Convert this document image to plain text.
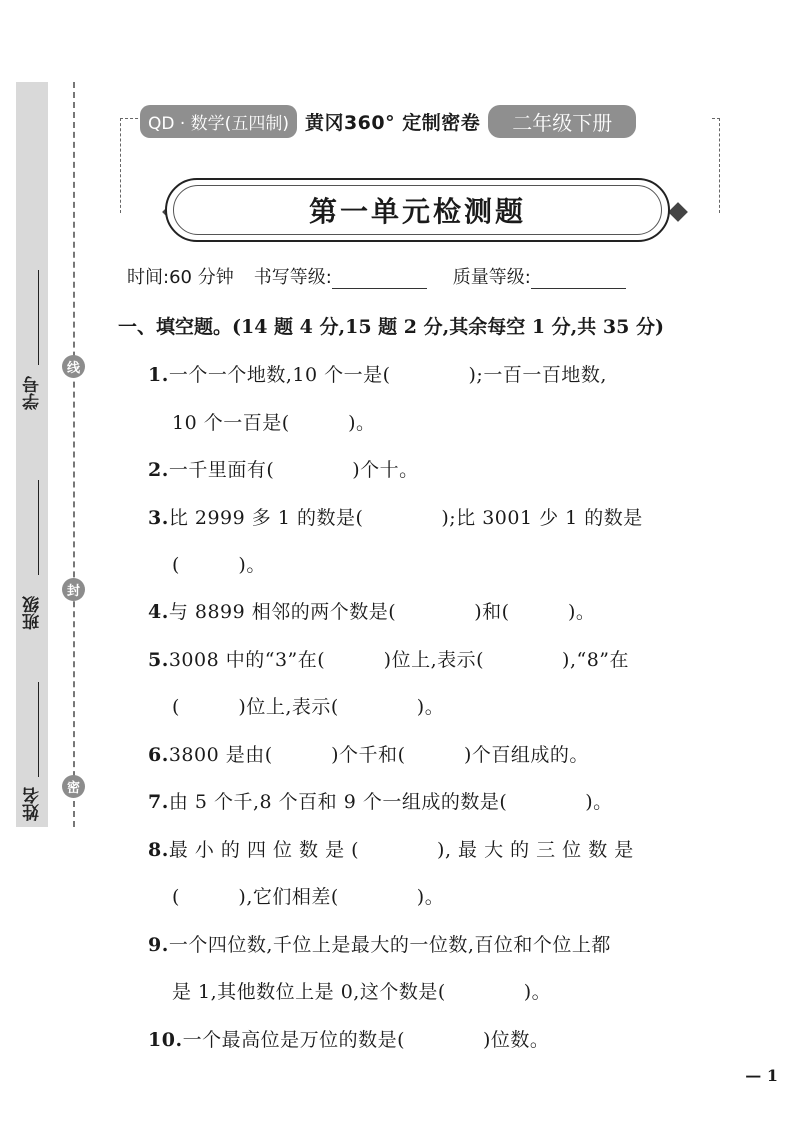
学号
班级
姓名
线
封
密
QD · 数学(五四制) 黄冈360° 定制密卷	二年级下册
第一单元检测题
时间:60 分钟 书写等级:	质量等级:
一、填空题。(14 题 4 分,15 题 2 分,其余每空 1 分,共 35 分)
1.一个一个地数,10 个一是(　　　　);一百一百地数,
10 个一百是(　　　)。
2.一千里面有(　　　　)个十。
3.比 2999 多 1 的数是(　　　　);比 3001 少 1 的数是
(　　　)。
4.与 8899 相邻的两个数是(　　　　)和(　　　)。
5.3008 中的“3”在(　　　)位上,表示(　　　　),“8”在
(　　　)位上,表示(　　　　)。
6.3800 是由(　　　)个千和(　　　)个百组成的。
7.由 5 个千,8 个百和 9 个一组成的数是(　　　　)。
8.最 小 的 四 位 数 是 (　　　　), 最 大 的 三 位 数 是
(　　　),它们相差(　　　　)。
9.一个四位数,千位上是最大的一位数,百位和个位上都
是 1,其他数位上是 0,这个数是(　　　　)。
10.一个最高位是万位的数是(　　　　)位数。
— 1
